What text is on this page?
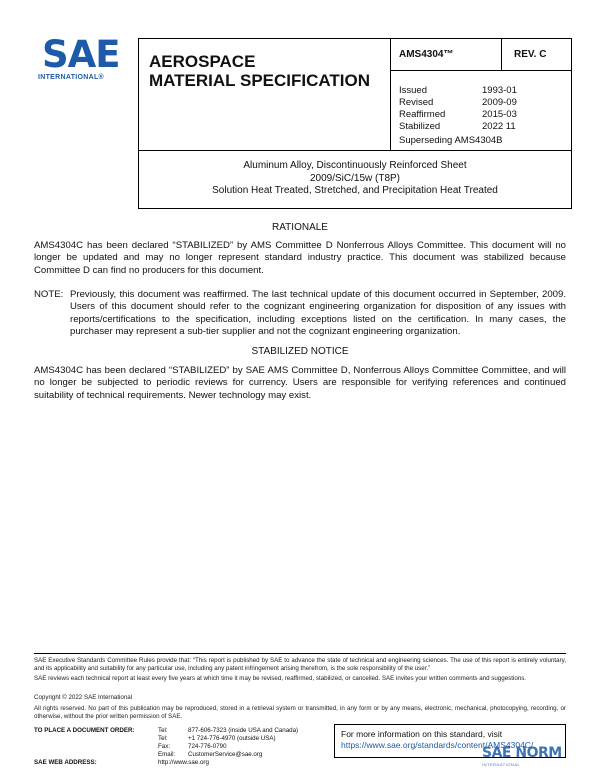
SAE
INTERNATIONAL®
AEROSPACE
MATERIAL SPECIFICATION
AMS4304™	REV. C
Issued	1993-01
Revised	2009-09
Reaffirmed	2015-03
Stabilized	2022 11
Superseding AMS4304B
Aluminum Alloy, Discontinuously Reinforced Sheet
2009/SiC/15w (T8P)
Solution Heat Treated, Stretched, and Precipitation Heat Treated
RATIONALE
AMS4304C has been declared “STABILIZED” by AMS Committee D Nonferrous Alloys Committee. This document will no longer be updated and may no longer represent standard industry practice. This document was stabilized because Committee D can find no producers for this document.
NOTE: Previously, this document was reaffirmed. The last technical update of this document occurred in September, 2009. Users of this document should refer to the cognizant engineering organization for disposition of any issues with reports/certifications to the specification, including exceptions listed on the certification. In many cases, the purchaser may represent a sub-tier supplier and not the cognizant engineering organization.
STABILIZED NOTICE
AMS4304C has been declared “STABILIZED” by SAE AMS Committee D, Nonferrous Alloys Committee Committee, and will no longer be subjected to periodic reviews for currency. Users are responsible for verifying references and continued suitability of technical requirements. Newer technology may exist.
SAE Executive Standards Committee Rules provide that: “This report is published by SAE to advance the state of technical and engineering sciences. The use of this report is entirely voluntary, and its applicability and suitability for any particular use, including any patent infringement arising therefrom, is the sole responsibility of the user.”
SAE reviews each technical report at least every five years at which time it may be revised, reaffirmed, stabilized, or cancelled. SAE invites your written comments and suggestions.
Copyright © 2022 SAE International
All rights reserved. No part of this publication may be reproduced, stored in a retrieval system or transmitted, in any form or by any means, electronic, mechanical, photocopying, recording, or otherwise, without the prior written permission of SAE.
TO PLACE A DOCUMENT ORDER:	Tel:	877-606-7323 (inside USA and Canada)
Tel:	+1 724-776-4970 (outside USA)
Fax:	724-776-0790
Email: CustomerService@sae.org
SAE WEB ADDRESS:	http://www.sae.org
For more information on this standard, visit
https://www.sae.org/standards/content/AMS4304C/
SAE NORM
INTERNATIONAL
